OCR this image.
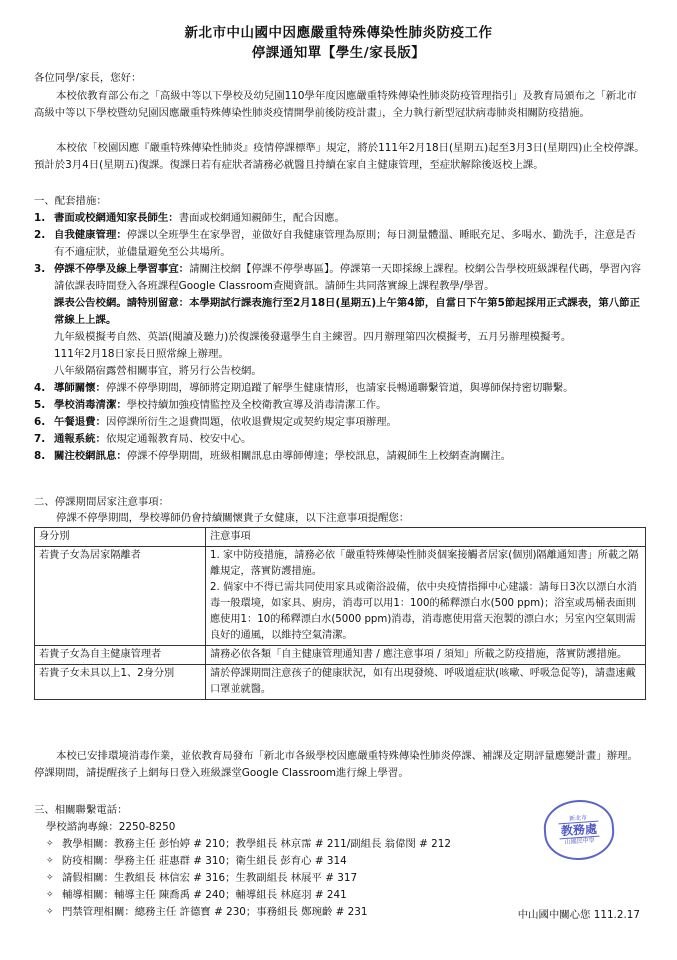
新北市中山國中因應嚴重特殊傳染性肺炎防疫工作
停課通知單【學生/家長版】
各位同學/家長，您好：
本校依教育部公布之「高級中等以下學校及幼兒園110學年度因應嚴重特殊傳染性肺炎防疫管理指引」及教育局頒布之「新北市高級中等以下學校暨幼兒園因應嚴重特殊傳染性肺炎疫情開學前後防疫計畫」，全力執行新型冠狀病毒肺炎相關防疫措施。
本校依「校園因應『嚴重特殊傳染性肺炎』疫情停課標準」規定，將於111年2月18日(星期五)起至3月3日(星期四)止全校停課。預計於3月4日(星期五)復課。復課日若有症狀者請務必就醫且持續在家自主健康管理，至症狀解除後返校上課。
一、配套措施：
1. 書面或校網通知家長師生：書面或校網通知親師生，配合因應。
2. 自我健康管理：停課以全班學生在家學習，並做好自我健康管理為原則；每日測量體溫、睡眠充足、多喝水、勤洗手，注意是否有不適症狀，並儘量避免至公共場所。
3. 停課不停學及線上學習事宜：請關注校網【停課不停學專區】。停課第一天即採線上課程。校網公告學校班級課程代碼，學習內容請依課表時間登入各班課程Google Classroom查閱資訊。請師生共同落實線上課程教學/學習。
課表公告校網。請特別留意：本學期試行課表施行至2月18日(星期五)上午第4節，自當日下午第5節起採用正式課表，第八節正常線上上課。
九年級模擬考自然、英語(閱讀及聽力)於復課後發還學生自主練習。四月辦理第四次模擬考，五月另辦理模擬考。
111年2月18日家長日照常線上辦理。
八年級隔宿露營相關事宜，將另行公告校網。
4. 導師關懷：停課不停學期間，導師將定期追蹤了解學生健康情形，也請家長暢通聯繫管道，與導師保持密切聯繫。
5. 學校消毒清潔：學校持續加強疫情監控及全校衛教宣導及消毒清潔工作。
6. 午餐退費：因停課所衍生之退費問題，依收退費規定或契約規定事項辦理。
7. 通報系統：依規定通報教育局、校安中心。
8. 關注校網訊息：停課不停學期間，班級相關訊息由導師傳達；學校訊息，請親師生上校網查詢關注。
二、停課期間居家注意事項：
停課不停學期間，學校導師仍會持續關懷貴子女健康，以下注意事項提醒您：
身分別	注意事項
若貴子女為居家隔離者	1. 家中防疫措施，請務必依「嚴重特殊傳染性肺炎個案接觸者居家(個別)隔離通知書」所載之隔離規定，落實防護措施。
2. 倘家中不得已需共同使用家具或衛浴設備，依中央疫情指揮中心建議：請每日3次以漂白水消毒一般環境，如家具、廚房，消毒可以用1：100的稀釋漂白水(500 ppm)；浴室或馬桶表面則應使用1：10的稀釋漂白水(5000 ppm)消毒，消毒應使用當天泡製的漂白水；另室內空氣則需良好的通風，以維持空氣清潔。

若貴子女為自主健康管理者	請務必依各類「自主健康管理通知書 / 應注意事項 / 須知」所載之防疫措施，落實防護措施。

若貴子女未具以上1、2身分別	請於停課期間注意孩子的健康狀況，如有出現發燒、呼吸道症狀(咳嗽、呼吸急促等)，請盡速戴口罩並就醫。
本校已安排環境消毒作業，並依教育局發布「新北市各級學校因應嚴重特殊傳染性肺炎停課、補課及定期評量應變計畫」辦理。停課期間，請提醒孩子上網每日登入班級課堂Google Classroom進行線上學習。
三、相關聯繫電話：
學校諮詢專線：2250-8250
✧ 教學相關：教務主任 彭怡婷 # 210；教學組長 林京霈 # 211/副組長 翁偉閔 # 212
✧ 防疫相關：學務主任 莊惠群 # 310；衛生組長 彭育心 # 314
✧ 請假相關：生教組長 林信宏 # 316；生教副組長 林展平 # 317
✧ 輔導相關：輔導主任 陳喬禹 # 240；輔導組長 林庭羽 # 241
✧ 門禁管理相關：總務主任 許德寳 # 230；事務組長 鄭琬齡 # 231
新北市
教務處
山國民中學
中山國中關心您 111.2.17
